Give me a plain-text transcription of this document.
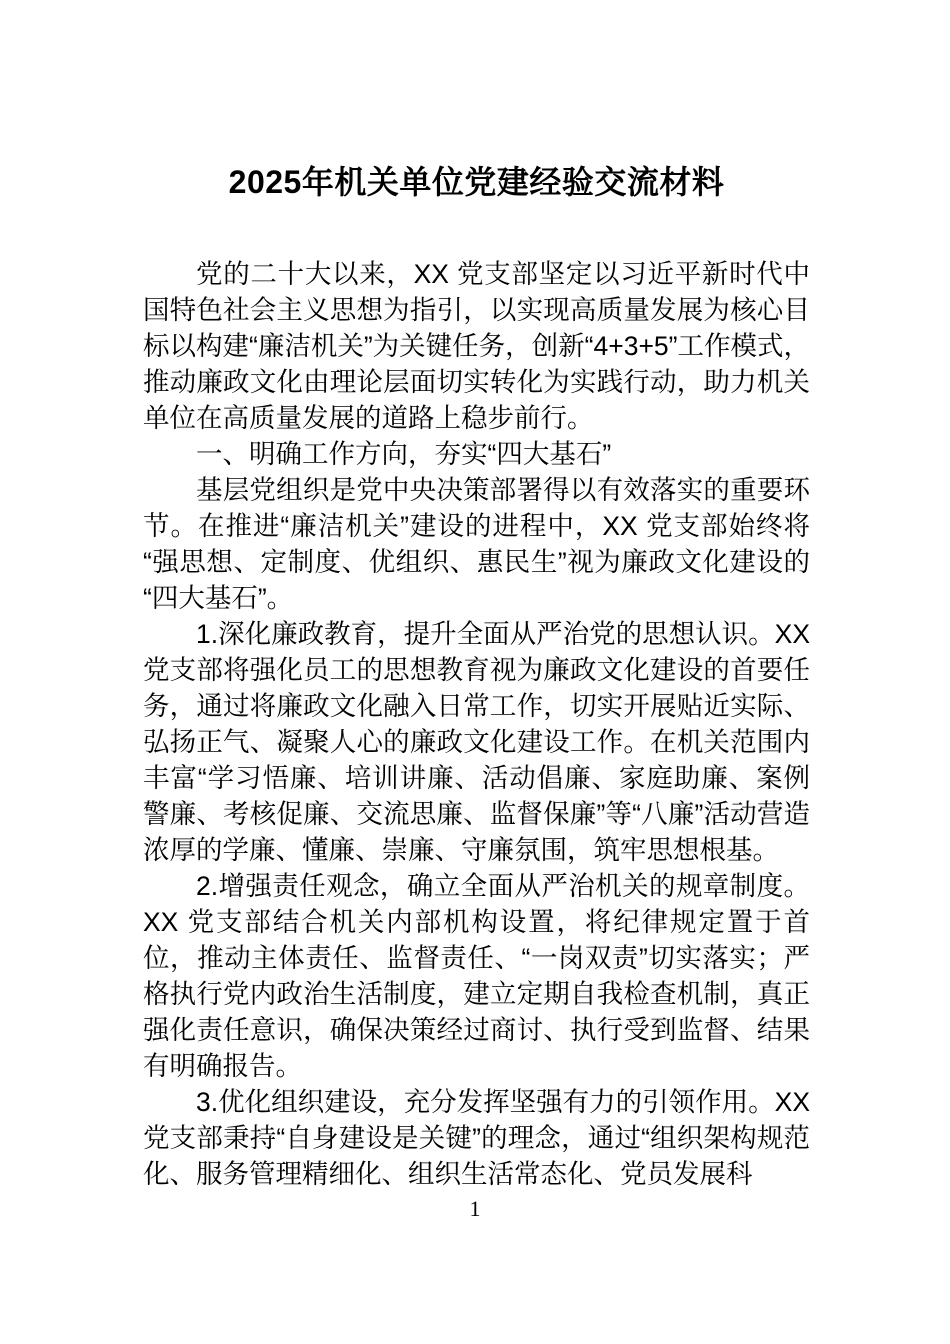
2025年机关单位党建经验交流材料

党的二十大以来，XX 党支部坚定以习近平新时代中国特色社会主义思想为指引，以实现高质量发展为核心目标以构建“廉洁机关”为关键任务，创新“4+3+5”工作模式，推动廉政文化由理论层面切实转化为实践行动，助力机关单位在高质量发展的道路上稳步前行。

一、明确工作方向，夯实“四大基石”

基层党组织是党中央决策部署得以有效落实的重要环节。在推进“廉洁机关”建设的进程中，XX 党支部始终将“强思想、定制度、优组织、惠民生”视为廉政文化建设的“四大基石”。

1.深化廉政教育，提升全面从严治党的思想认识。XX 党支部将强化员工的思想教育视为廉政文化建设的首要任务，通过将廉政文化融入日常工作，切实开展贴近实际、弘扬正气、凝聚人心的廉政文化建设工作。在机关范围内丰富“学习悟廉、培训讲廉、活动倡廉、家庭助廉、案例警廉、考核促廉、交流思廉、监督保廉”等“八廉”活动营造浓厚的学廉、懂廉、崇廉、守廉氛围，筑牢思想根基。

2.增强责任观念，确立全面从严治机关的规章制度。XX 党支部结合机关内部机构设置，将纪律规定置于首位，推动主体责任、监督责任、“一岗双责”切实落实；严格执行党内政治生活制度，建立定期自我检查机制，真正强化责任意识，确保决策经过商讨、执行受到监督、结果有明确报告。

3.优化组织建设，充分发挥坚强有力的引领作用。XX 党支部秉持“自身建设是关键”的理念，通过“组织架构规范化、服务管理精细化、组织生活常态化、党员发展科

1
